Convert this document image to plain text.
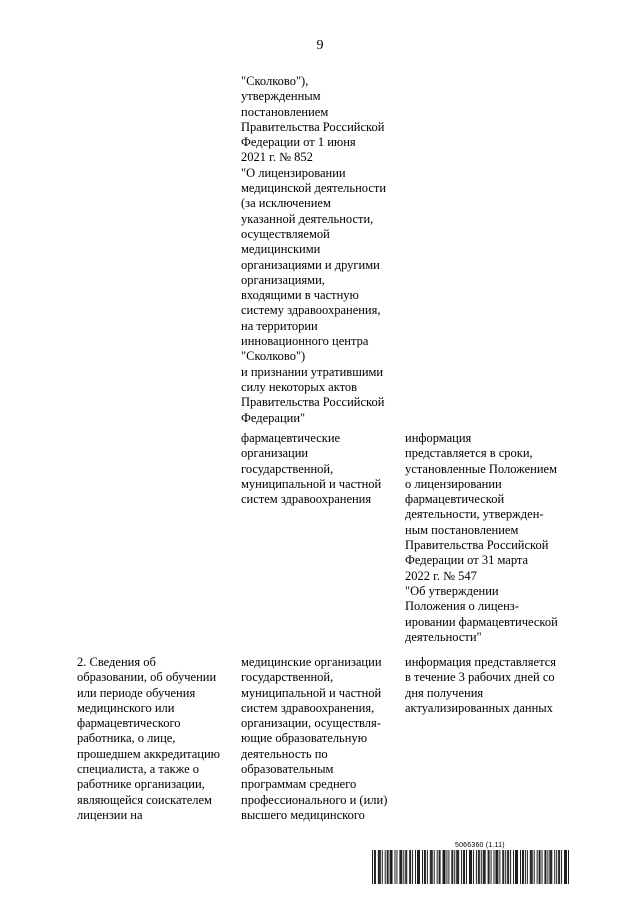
9
"Сколково"),
утвержденным
постановлением
Правительства Российской
Федерации от 1 июня
2021 г. № 852
"О лицензировании
медицинской деятельности
(за исключением
указанной деятельности,
осуществляемой
медицинскими
организациями и другими
организациями,
входящими в частную
систему здравоохранения,
на территории
инновационного центра
"Сколково")
и признании утратившими
силу некоторых актов
Правительства Российской
Федерации"
фармацевтические
организации
государственной,
муниципальной и частной
систем здравоохранения
информация
представляется в сроки,
установленные Положением
о лицензировании
фармацевтической
деятельности, утвержден-
ным постановлением
Правительства Российской
Федерации от 31 марта
2022 г. № 547
"Об утверждении
Положения о лиценз-
ировании фармацевтической
деятельности"
2. Сведения об
образовании, об обучении
или периоде обучения
медицинского или
фармацевтического
работника, о лице,
прошедшем аккредитацию
специалиста, а также о
работнике организации,
являющейся соискателем
лицензии на
медицинские организации
государственной,
муниципальной и частной
систем здравоохранения,
организации, осуществля-
ющие образовательную
деятельность по
образовательным
программам среднего
профессионального и (или)
высшего медицинского
информация представляется
в течение 3 рабочих дней со
дня получения
актуализированных данных
5066360 (1.11)
